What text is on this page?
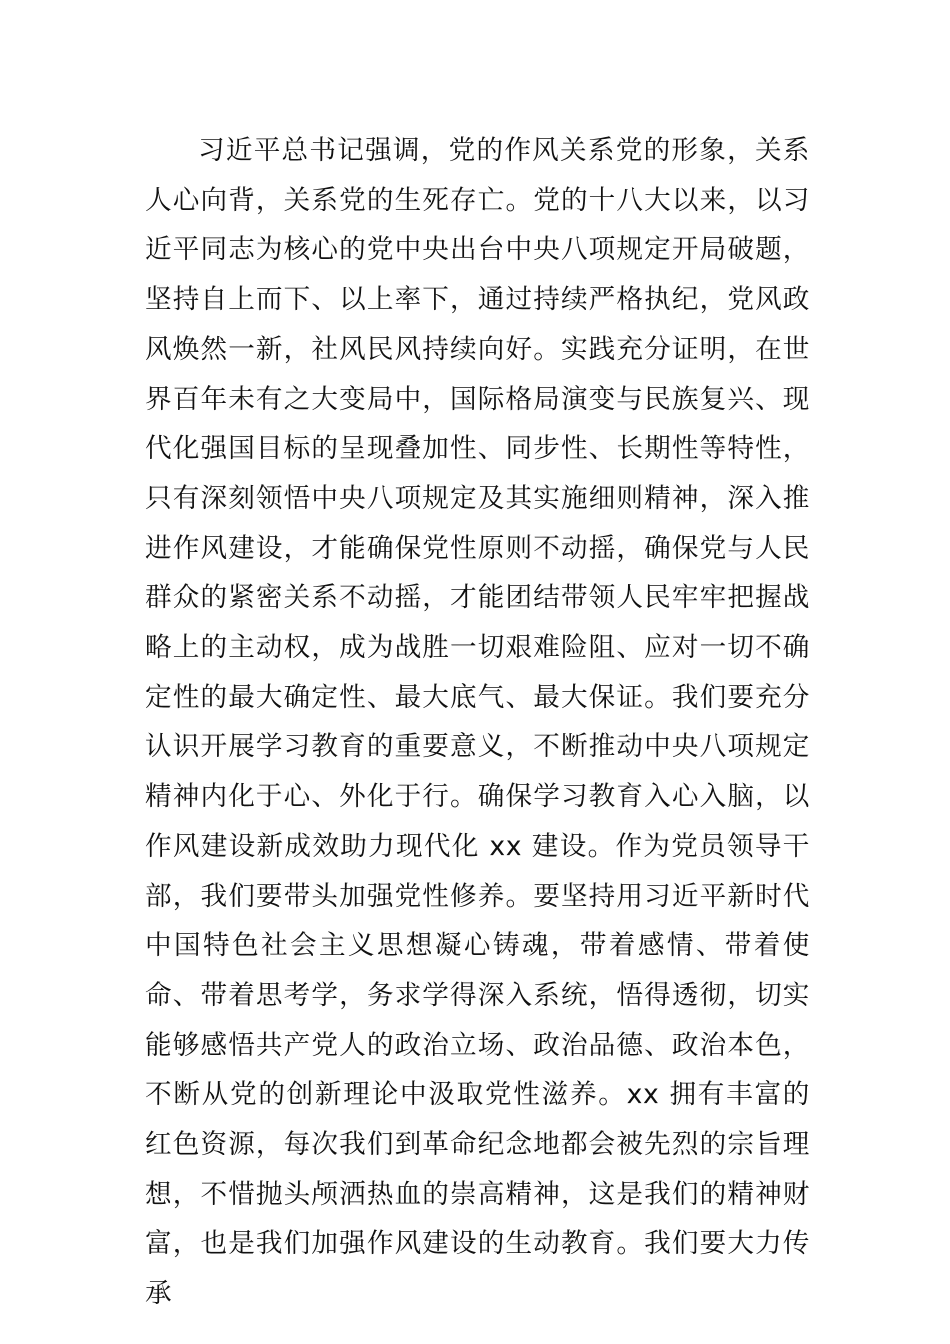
习近平总书记强调，党的作风关系党的形象，关系人心向背，关系党的生死存亡。党的十八大以来，以习近平同志为核心的党中央出台中央八项规定开局破题，坚持自上而下、以上率下，通过持续严格执纪，党风政风焕然一新，社风民风持续向好。实践充分证明，在世界百年未有之大变局中，国际格局演变与民族复兴、现代化强国目标的呈现叠加性、同步性、长期性等特性，只有深刻领悟中央八项规定及其实施细则精神，深入推进作风建设，才能确保党性原则不动摇，确保党与人民群众的紧密关系不动摇，才能团结带领人民牢牢把握战略上的主动权，成为战胜一切艰难险阻、应对一切不确定性的最大确定性、最大底气、最大保证。我们要充分认识开展学习教育的重要意义，不断推动中央八项规定精神内化于心、外化于行。确保学习教育入心入脑，以作风建设新成效助力现代化 xx 建设。作为党员领导干部，我们要带头加强党性修养。要坚持用习近平新时代中国特色社会主义思想凝心铸魂，带着感情、带着使命、带着思考学，务求学得深入系统，悟得透彻，切实能够感悟共产党人的政治立场、政治品德、政治本色，不断从党的创新理论中汲取党性滋养。xx 拥有丰富的红色资源，每次我们到革命纪念地都会被先烈的宗旨理想，不惜抛头颅洒热血的崇高精神，这是我们的精神财富，也是我们加强作风建设的生动教育。我们要大力传承
